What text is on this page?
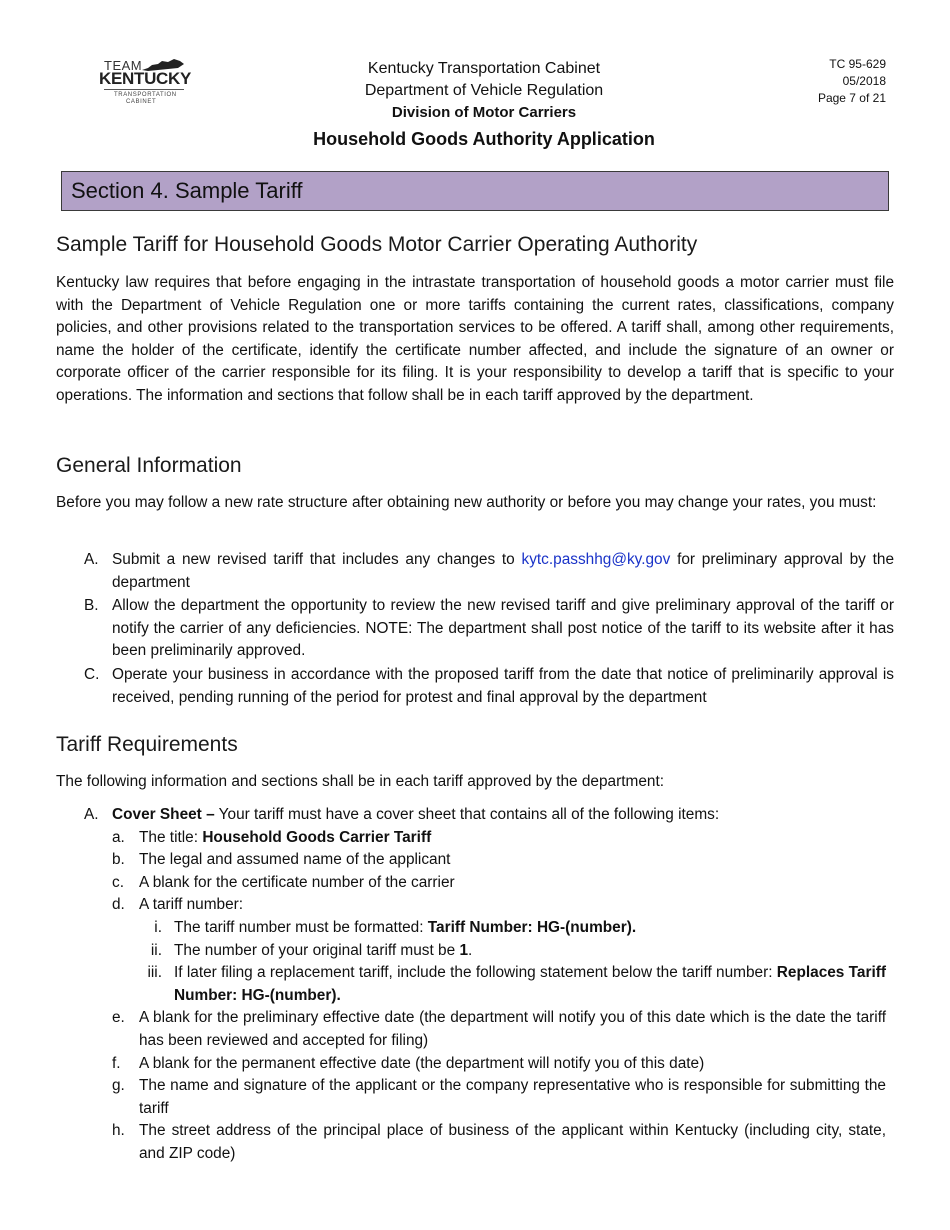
TEAM
KENTUCKY
TRANSPORTATION
CABINET
Kentucky Transportation Cabinet
Department of Vehicle Regulation
Division of Motor Carriers
Household Goods Authority Application
TC 95-629
05/2018
Page 7 of 21
Section 4. Sample Tariff
Sample Tariff for Household Goods Motor Carrier Operating Authority
Kentucky law requires that before engaging in the intrastate transportation of household goods a motor carrier must file with the Department of Vehicle Regulation one or more tariffs containing the current rates, classifications, company policies, and other provisions related to the transportation services to be offered. A tariff shall, among other requirements, name the holder of the certificate, identify the certificate number affected, and include the signature of an owner or corporate officer of the carrier responsible for its filing. It is your responsibility to develop a tariff that is specific to your operations. The information and sections that follow shall be in each tariff approved by the department.
General Information
Before you may follow a new rate structure after obtaining new authority or before you may change your rates, you must:
A. Submit a new revised tariff that includes any changes to kytc.passhhg@ky.gov for preliminary approval by the department
B. Allow the department the opportunity to review the new revised tariff and give preliminary approval of the tariff or notify the carrier of any deficiencies. NOTE: The department shall post notice of the tariff to its website after it has been preliminarily approved.
C. Operate your business in accordance with the proposed tariff from the date that notice of preliminarily approval is received, pending running of the period for protest and final approval by the department
Tariff Requirements
The following information and sections shall be in each tariff approved by the department:
A. Cover Sheet – Your tariff must have a cover sheet that contains all of the following items:
a. The title: Household Goods Carrier Tariff
b. The legal and assumed name of the applicant
c. A blank for the certificate number of the carrier
d. A tariff number:
i. The tariff number must be formatted: Tariff Number: HG-(number).
ii. The number of your original tariff must be 1.
iii. If later filing a replacement tariff, include the following statement below the tariff number: Replaces Tariff Number: HG-(number).
e. A blank for the preliminary effective date (the department will notify you of this date which is the date the tariff has been reviewed and accepted for filing)
f. A blank for the permanent effective date (the department will notify you of this date)
g. The name and signature of the applicant or the company representative who is responsible for submitting the tariff
h. The street address of the principal place of business of the applicant within Kentucky (including city, state, and ZIP code)
